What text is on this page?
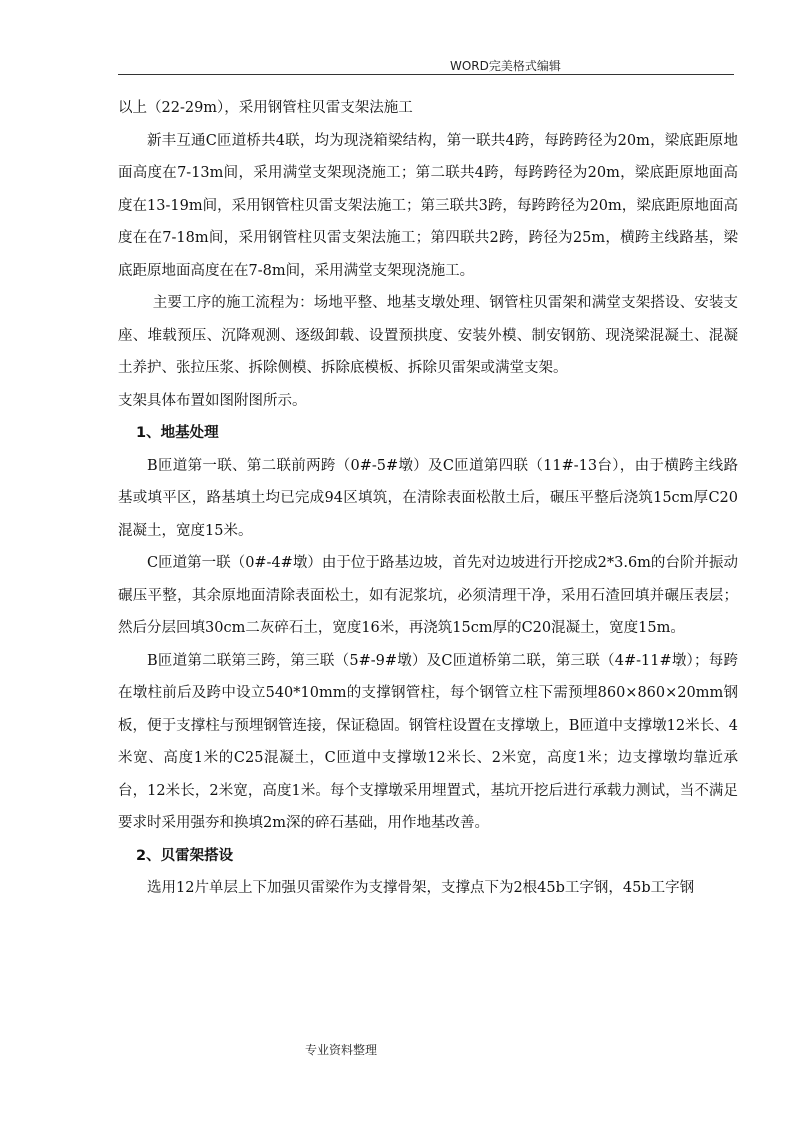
WORD完美格式编辑

以上（22-29m），采用钢管柱贝雷支架法施工

新丰互通C匝道桥共4联，均为现浇箱梁结构，第一联共4跨，每跨跨径为20m，梁底距原地面高度在7-13m间，采用满堂支架现浇施工；第二联共4跨，每跨跨径为20m，梁底距原地面高度在13-19m间，采用钢管柱贝雷支架法施工；第三联共3跨，每跨跨径为20m，梁底距原地面高度在在7-18m间，采用钢管柱贝雷支架法施工；第四联共2跨，跨径为25m，横跨主线路基，梁底距原地面高度在在7-8m间，采用满堂支架现浇施工。

主要工序的施工流程为：场地平整、地基支墩处理、钢管柱贝雷架和满堂支架搭设、安装支座、堆载预压、沉降观测、逐级卸载、设置预拱度、安装外模、制安钢筋、现浇梁混凝土、混凝土养护、张拉压浆、拆除侧模、拆除底模板、拆除贝雷架或满堂支架。

支架具体布置如图附图所示。

1、地基处理

B匝道第一联、第二联前两跨（0#-5#墩）及C匝道第四联（11#-13台），由于横跨主线路基或填平区，路基填土均已完成94区填筑，在清除表面松散土后，碾压平整后浇筑15cm厚C20混凝土，宽度15米。

C匝道第一联（0#-4#墩）由于位于路基边坡，首先对边坡进行开挖成2*3.6m的台阶并振动碾压平整，其余原地面清除表面松土，如有泥浆坑，必须清理干净，采用石渣回填并碾压表层；然后分层回填30cm二灰碎石土，宽度16米，再浇筑15cm厚的C20混凝土，宽度15m。

B匝道第二联第三跨，第三联（5#-9#墩）及C匝道桥第二联，第三联（4#-11#墩）；每跨在墩柱前后及跨中设立540*10mm的支撑钢管柱，每个钢管立柱下需预埋860×860×20mm钢板，便于支撑柱与预埋钢管连接，保证稳固。钢管柱设置在支撑墩上，B匝道中支撑墩12米长、4米宽、高度1米的C25混凝土，C匝道中支撑墩12米长、2米宽，高度1米；边支撑墩均靠近承台，12米长，2米宽，高度1米。每个支撑墩采用埋置式，基坑开挖后进行承载力测试，当不满足要求时采用强夯和换填2m深的碎石基础，用作地基改善。

2、贝雷架搭设

选用12片单层上下加强贝雷梁作为支撑骨架，支撑点下为2根45b工字钢，45b工字钢

专业资料整理
